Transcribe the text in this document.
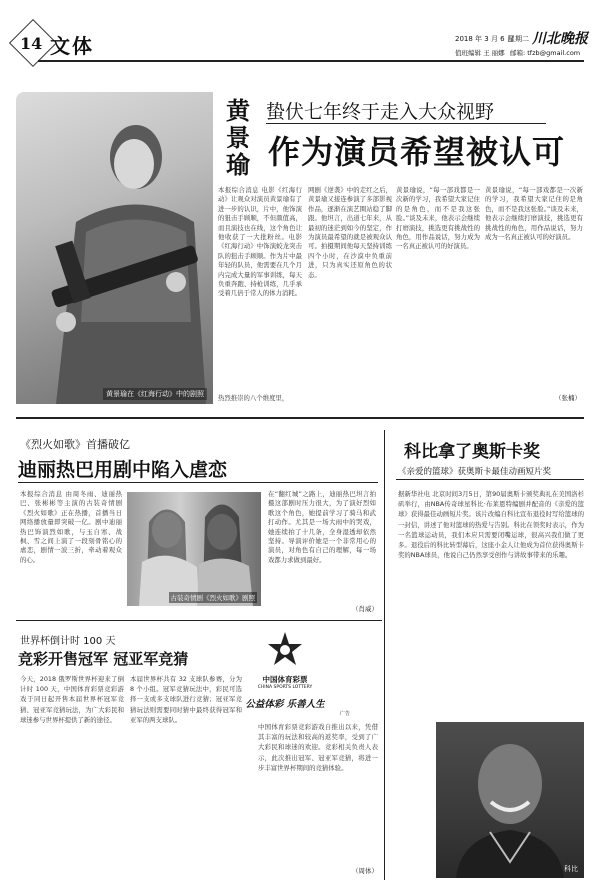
14 文体	2018 年 3 月 6 日
星期二 川北晚报
值班编辑 王 丽娜 邮箱: tfzb@gmail.com
黄景瑜在《红海行动》中的剧照
黄
景
瑜
蛰伏七年终于走入大众视野
作为演员希望被认可
本报综合消息 电影《红海行动》让观众对演员黄景瑜有了进一步的认识，片中，他饰演的狙击手顾顺，不但颜值高，而且演技也在线，这个角色让他收获了一大批粉丝。电影《红海行动》中饰演蛟龙突击队的狙击手顾顺。作为片中最年轻的队员，他需要在几个月内完成大量的军事训练，每天负重奔跑、持枪训练，几乎承受着几倍于常人的体力消耗。
热烈推崇的八个维度里，
网剧《逆袭》中的走红之后，黄景瑜又接连参演了多部影视作品，逐渐在演艺圈站稳了脚跟。他坦言，出道七年来，从最初的迷茫到如今的坚定，作为演员最希望的就是被观众认可。拍摄期间他每天坚持训练四个小时，在沙漠中负重前进，只为真实还原角色的状态。
黄景瑜说，“每一部戏都是一次新的学习，我希望大家记住的是角色，而不是我这张脸。”谈及未来，他表示会继续打磨演技，挑选更有挑战性的角色，用作品说话，努力成为一名真正被认可的好演员。
黄景瑜说，“每一部戏都是一次新的学习，我希望大家记住的是角色，而不是我这张脸。”谈及未来，他表示会继续打磨演技，挑选更有挑战性的角色，用作品说话，努力成为一名真正被认可的好演员。
（张楠）
《烈火如歌》首播破亿
迪丽热巴用剧中陷入虐恋
本报综合消息 由周冬雨、迪丽热巴、张彬彬等主演的古装奇情剧《烈火如歌》正在热播，首播当日网络播放量即突破一亿。剧中迪丽热巴饰演烈如歌，与玉自寒、战枫、雪之间上演了一段刻骨铭心的虐恋，剧情一波三折，牵动着观众的心。
古装奇情剧《烈火如歌》剧照
在“翻红城”之路上，迪丽热巴坦言拍摄这部剧时压力很大，为了演好烈如歌这个角色，她提前学习了骑马和武打动作。尤其是一场大雨中的哭戏，她连续拍了十几条，全身湿透却依然坚持。导演评价她是一个非常用心的演员，对角色有自己的理解，每一场戏都力求做到最好。
（肖威）
科比拿了奥斯卡奖
《亲爱的篮球》获奥斯卡最佳动画短片奖
据新华社电 北京时间3月5日，第90届奥斯卡颁奖典礼在美国洛杉矶举行，由NBA传奇球星科比·布莱恩特编剧并配音的《亲爱的篮球》获得最佳动画短片奖。该片改编自科比宣布退役时写给篮球的一封信，讲述了他对篮球的热爱与告别。科比在领奖时表示，作为一名篮球运动员，我们本应只需要闭嘴运球，很高兴我们做了更多。退役后的科比转型幕后，这座小金人让他成为首位获得奥斯卡奖的NBA球员，他说自己仍然享受创作与讲故事带来的乐趣。
科比
世界杯倒计时 100 天
竞彩开售冠军 冠亚军竞猜
中国体育彩票
CHINA SPORTS LOTTERY
公益体彩 乐善人生
广告
今天，2018 俄罗斯世界杯迎来了倒计时 100 天，中国体育彩票竞彩游戏于同日起开售本届世界杯冠军竞猜、冠亚军竞猜玩法，为广大彩民和球迷参与世界杯提供了新的途径。
本届世界杯共有 32 支球队参赛，分为 8 个小组。冠军竞猜玩法中，彩民可选择一支或多支球队进行竞猜；冠亚军竞猜玩法则需要同时猜中最终获得冠军和亚军的两支球队。
中国体育彩票竞彩游戏自推出以来，凭借其丰富的玩法和较高的返奖率，受到了广大彩民和球迷的欢迎。竞彩相关负责人表示，此次推出冠军、冠亚军竞猜，将进一步丰富世界杯期间的竞猜体验。
（周体）
